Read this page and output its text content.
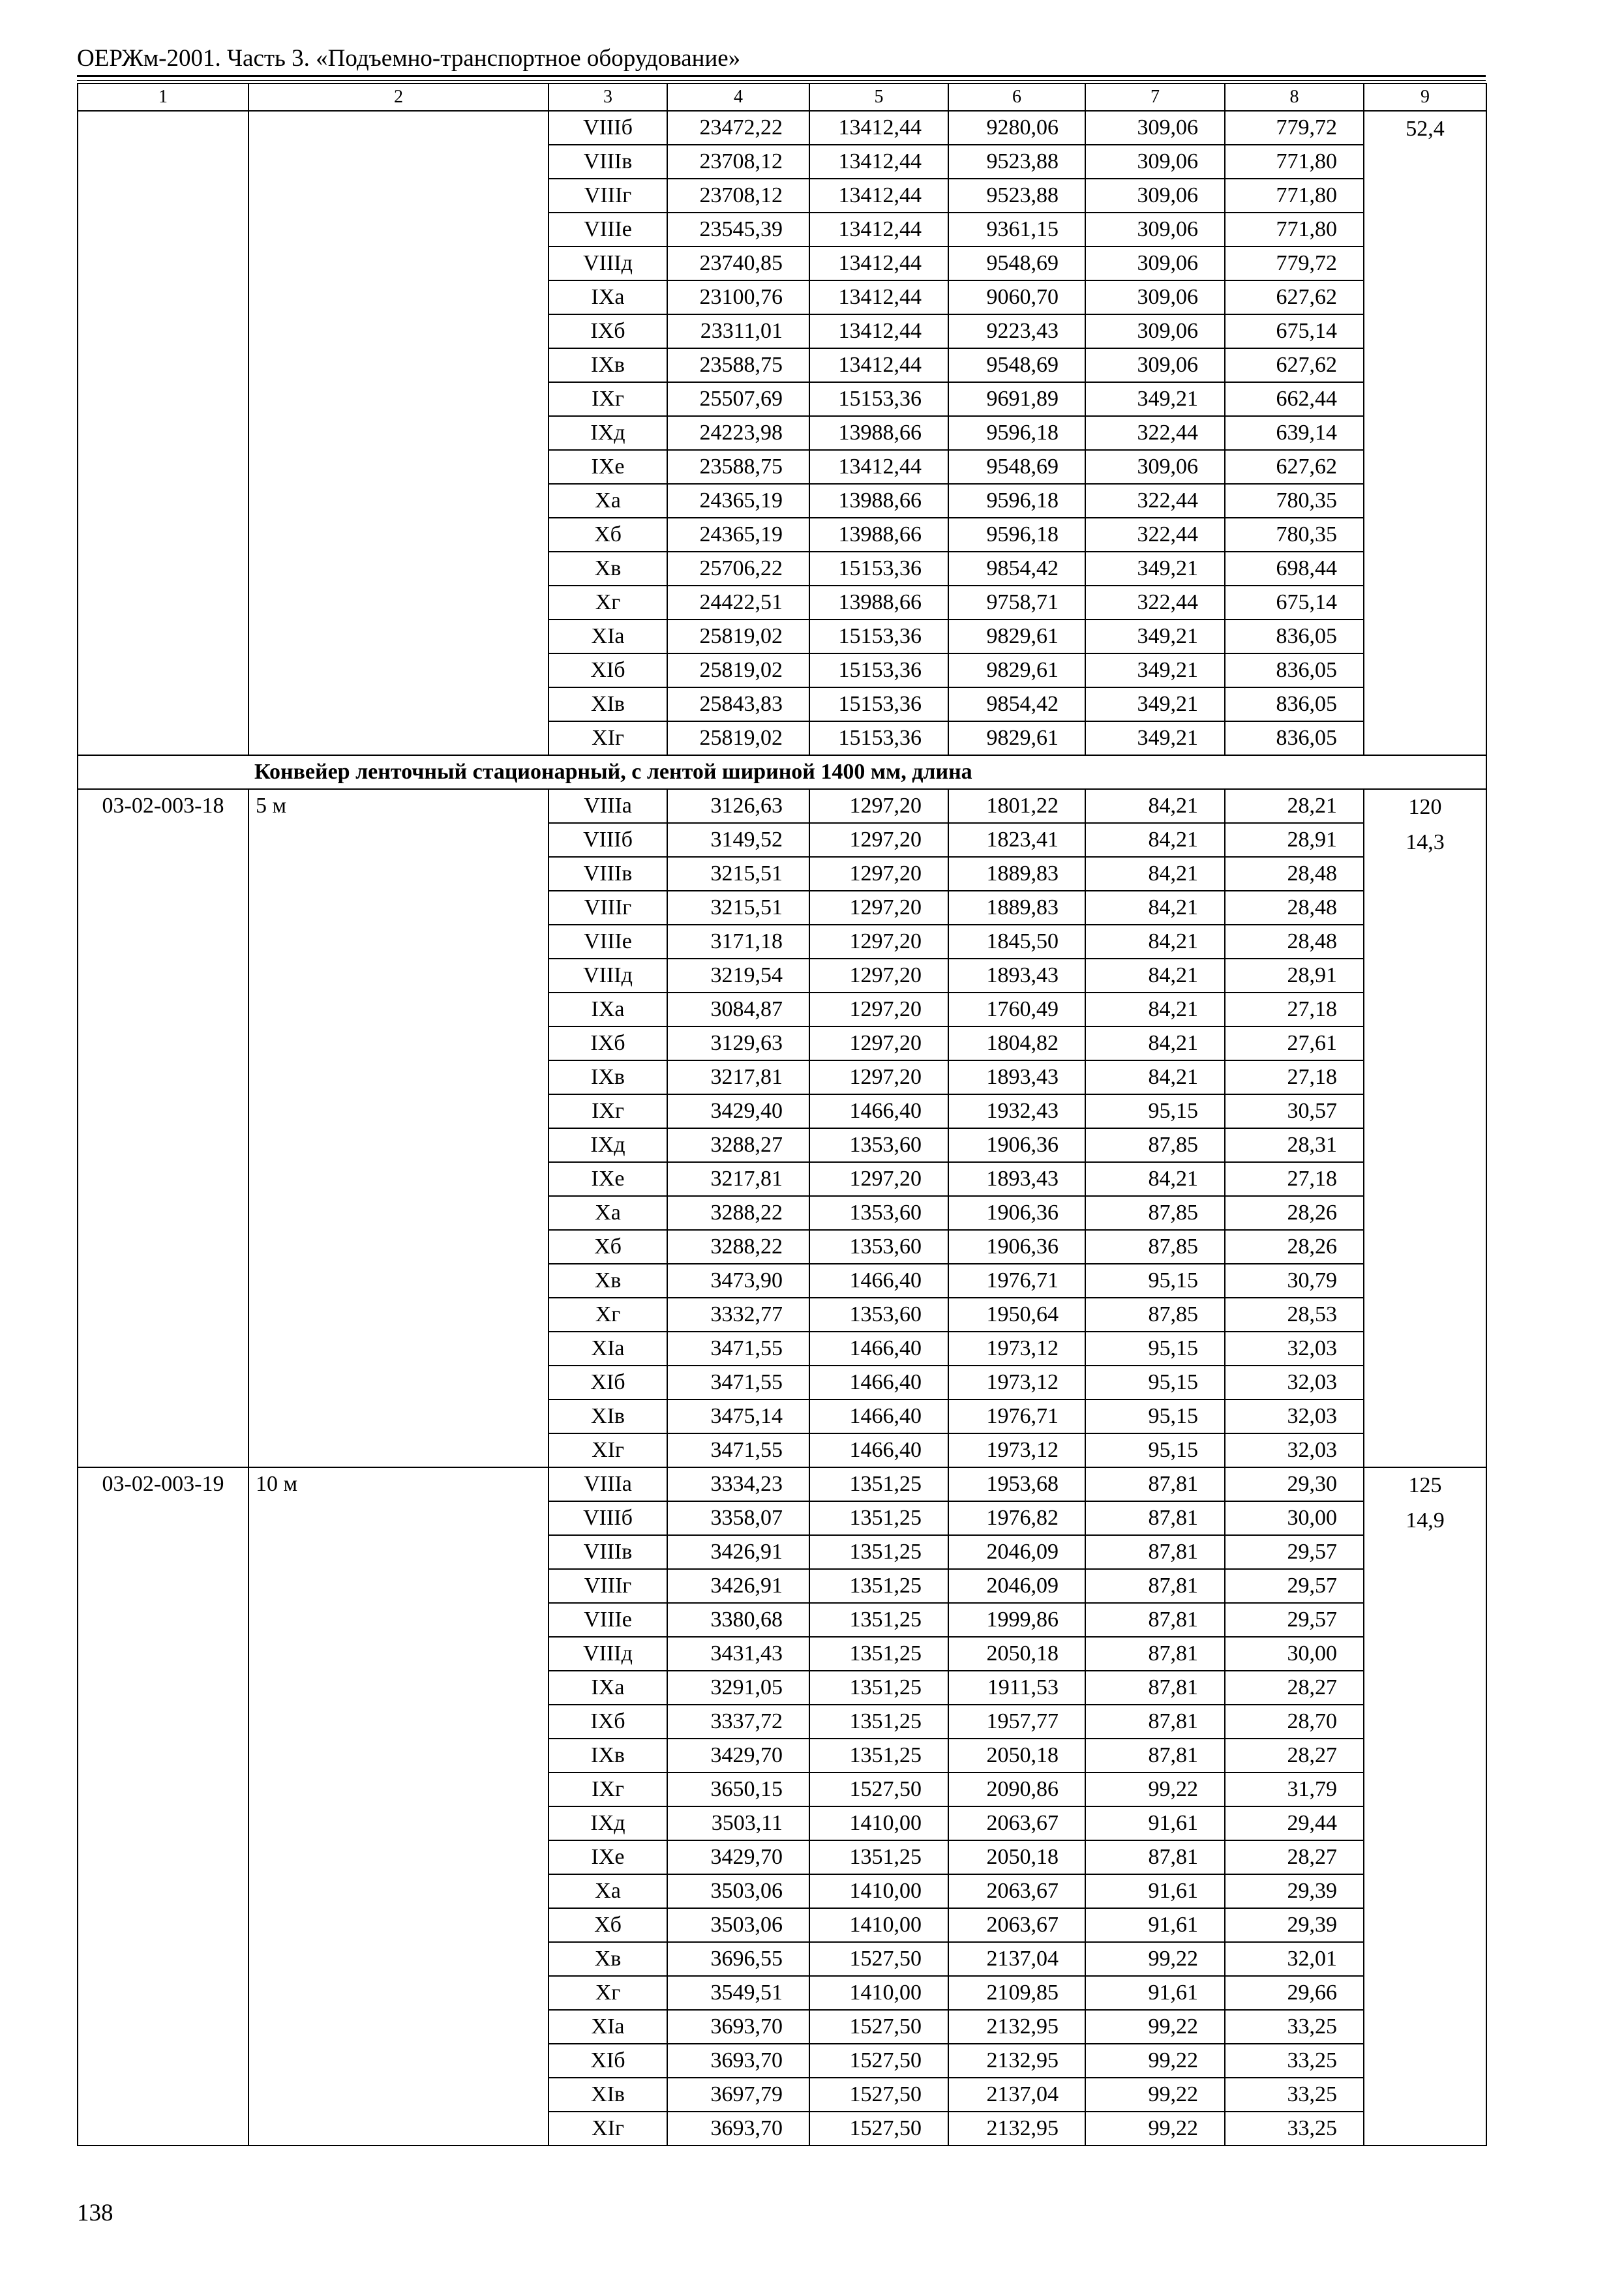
ОЕРЖм-2001. Часть 3. «Подъемно-транспортное оборудование»
1	2	3	4	5	6	7	8	9
		VIIIб	23472,22	13412,44	9280,06	309,06	779,72	52,4

		VIIIв	23708,12	13412,44	9523,88	309,06	771,80	
		VIIIг	23708,12	13412,44	9523,88	309,06	771,80	
		VIIIе	23545,39	13412,44	9361,15	309,06	771,80	
		VIIIд	23740,85	13412,44	9548,69	309,06	779,72	
		IXа	23100,76	13412,44	9060,70	309,06	627,62	
		IXб	23311,01	13412,44	9223,43	309,06	675,14	
		IXв	23588,75	13412,44	9548,69	309,06	627,62	
		IXг	25507,69	15153,36	9691,89	349,21	662,44	
		IXд	24223,98	13988,66	9596,18	322,44	639,14	
		IXе	23588,75	13412,44	9548,69	309,06	627,62	
		Xа	24365,19	13988,66	9596,18	322,44	780,35	
		Xб	24365,19	13988,66	9596,18	322,44	780,35	
		Xв	25706,22	15153,36	9854,42	349,21	698,44	
		Xг	24422,51	13988,66	9758,71	322,44	675,14	
		XIа	25819,02	15153,36	9829,61	349,21	836,05	
		XIб	25819,02	15153,36	9829,61	349,21	836,05	
		XIв	25843,83	15153,36	9854,42	349,21	836,05	
		XIг	25819,02	15153,36	9829,61	349,21	836,05	
Конвейер ленточный стационарный, с лентой шириной 1400 мм, длина								
03-02-003-18	5 м	VIIIа	3126,63	1297,20	1801,22	84,21	28,21	120
14,3

		VIIIб	3149,52	1297,20	1823,41	84,21	28,91	
		VIIIв	3215,51	1297,20	1889,83	84,21	28,48	
		VIIIг	3215,51	1297,20	1889,83	84,21	28,48	
		VIIIе	3171,18	1297,20	1845,50	84,21	28,48	
		VIIIд	3219,54	1297,20	1893,43	84,21	28,91	
		IXа	3084,87	1297,20	1760,49	84,21	27,18	
		IXб	3129,63	1297,20	1804,82	84,21	27,61	
		IXв	3217,81	1297,20	1893,43	84,21	27,18	
		IXг	3429,40	1466,40	1932,43	95,15	30,57	
		IXд	3288,27	1353,60	1906,36	87,85	28,31	
		IXе	3217,81	1297,20	1893,43	84,21	27,18	
		Xа	3288,22	1353,60	1906,36	87,85	28,26	
		Xб	3288,22	1353,60	1906,36	87,85	28,26	
		Xв	3473,90	1466,40	1976,71	95,15	30,79	
		Xг	3332,77	1353,60	1950,64	87,85	28,53	
		XIа	3471,55	1466,40	1973,12	95,15	32,03	
		XIб	3471,55	1466,40	1973,12	95,15	32,03	
		XIв	3475,14	1466,40	1976,71	95,15	32,03	
		XIг	3471,55	1466,40	1973,12	95,15	32,03	
03-02-003-19	10 м	VIIIа	3334,23	1351,25	1953,68	87,81	29,30	125
14,9

		VIIIб	3358,07	1351,25	1976,82	87,81	30,00	
		VIIIв	3426,91	1351,25	2046,09	87,81	29,57	
		VIIIг	3426,91	1351,25	2046,09	87,81	29,57	
		VIIIе	3380,68	1351,25	1999,86	87,81	29,57	
		VIIIд	3431,43	1351,25	2050,18	87,81	30,00	
		IXа	3291,05	1351,25	1911,53	87,81	28,27	
		IXб	3337,72	1351,25	1957,77	87,81	28,70	
		IXв	3429,70	1351,25	2050,18	87,81	28,27	
		IXг	3650,15	1527,50	2090,86	99,22	31,79	
		IXд	3503,11	1410,00	2063,67	91,61	29,44	
		IXе	3429,70	1351,25	2050,18	87,81	28,27	
		Xа	3503,06	1410,00	2063,67	91,61	29,39	
		Xб	3503,06	1410,00	2063,67	91,61	29,39	
		Xв	3696,55	1527,50	2137,04	99,22	32,01	
		Xг	3549,51	1410,00	2109,85	91,61	29,66	
		XIа	3693,70	1527,50	2132,95	99,22	33,25	
		XIб	3693,70	1527,50	2132,95	99,22	33,25	
		XIв	3697,79	1527,50	2137,04	99,22	33,25	
		XIг	3693,70	1527,50	2132,95	99,22	33,25	
138
